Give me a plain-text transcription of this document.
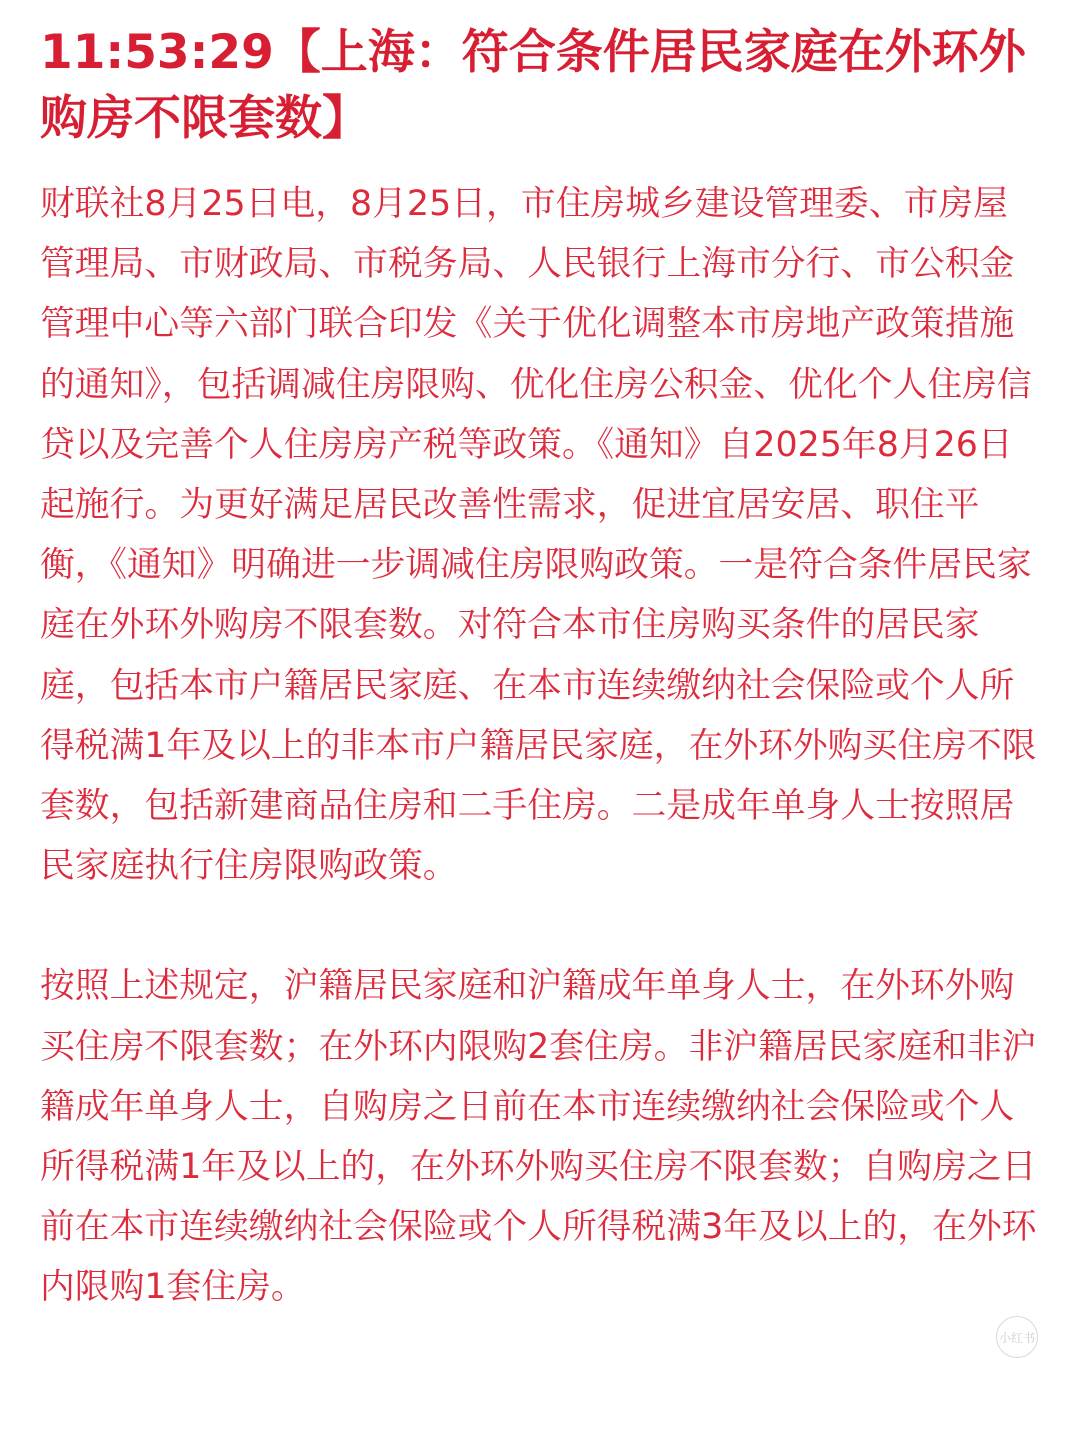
11:53:29【上海：符合条件居民家庭在外环外购房不限套数】

财联社8月25日电，8月25日，市住房城乡建设管理委、市房屋管理局、市财政局、市税务局、人民银行上海市分行、市公积金管理中心等六部门联合印发《关于优化调整本市房地产政策措施的通知》，包括调减住房限购、优化住房公积金、优化个人住房信贷以及完善个人住房房产税等政策。《通知》自2025年8月26日起施行。为更好满足居民改善性需求，促进宜居安居、职住平衡，《通知》明确进一步调减住房限购政策。一是符合条件居民家庭在外环外购房不限套数。对符合本市住房购买条件的居民家庭，包括本市户籍居民家庭、在本市连续缴纳社会保险或个人所得税满1年及以上的非本市户籍居民家庭，在外环外购买住房不限套数，包括新建商品住房和二手住房。二是成年单身人士按照居民家庭执行住房限购政策。

按照上述规定，沪籍居民家庭和沪籍成年单身人士，在外环外购买住房不限套数；在外环内限购2套住房。非沪籍居民家庭和非沪籍成年单身人士，自购房之日前在本市连续缴纳社会保险或个人所得税满1年及以上的，在外环外购买住房不限套数；自购房之日前在本市连续缴纳社会保险或个人所得税满3年及以上的，在外环内限购1套住房。

小红书
